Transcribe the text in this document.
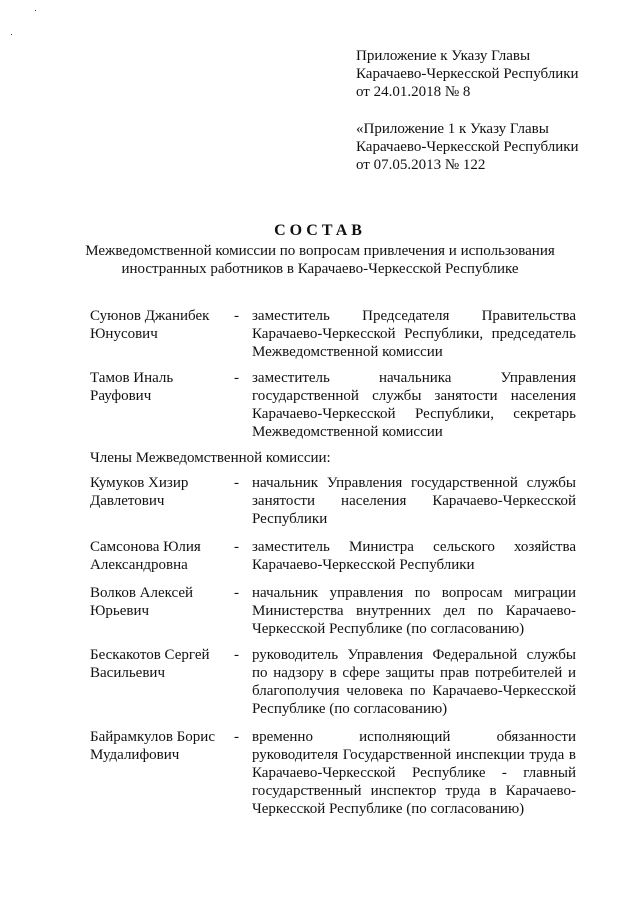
Приложение к Указу Главы
Карачаево-Черкесской Республики
от 24.01.2018 № 8
«Приложение 1 к Указу Главы
Карачаево-Черкесской Республики
от 07.05.2013 № 122
СОСТАВ
Межведомственной комиссии по вопросам привлечения и использования
иностранных работников в Карачаево-Черкесской Республике
Суюнов Джанибек
Юнусович
- заместитель Председателя Правительства Карачаево-Черкесской Республики, председатель Межведомственной комиссии
Тамов Иналь
Рауфович
- заместитель начальника Управления государственной службы занятости населения Карачаево-Черкесской Республики, секретарь Межведомственной комиссии
Члены Межведомственной комиссии:
Кумуков Хизир
Давлетович
- начальник Управления государственной службы занятости населения Карачаево-Черкесской Республики
Самсонова Юлия
Александровна
- заместитель Министра сельского хозяйства Карачаево-Черкесской Республики
Волков Алексей
Юрьевич
- начальник управления по вопросам миграции Министерства внутренних дел по Карачаево-Черкесской Республике (по согласованию)
Бескакотов Сергей
Васильевич
- руководитель Управления Федеральной службы по надзору в сфере защиты прав потребителей и благополучия человека по Карачаево-Черкесской Республике (по согласованию)
Байрамкулов Борис
Мудалифович
- временно исполняющий обязанности руководителя Государственной инспекции труда в Карачаево-Черкесской Республике - главный государственный инспектор труда в Карачаево-Черкесской Республике (по согласованию)
